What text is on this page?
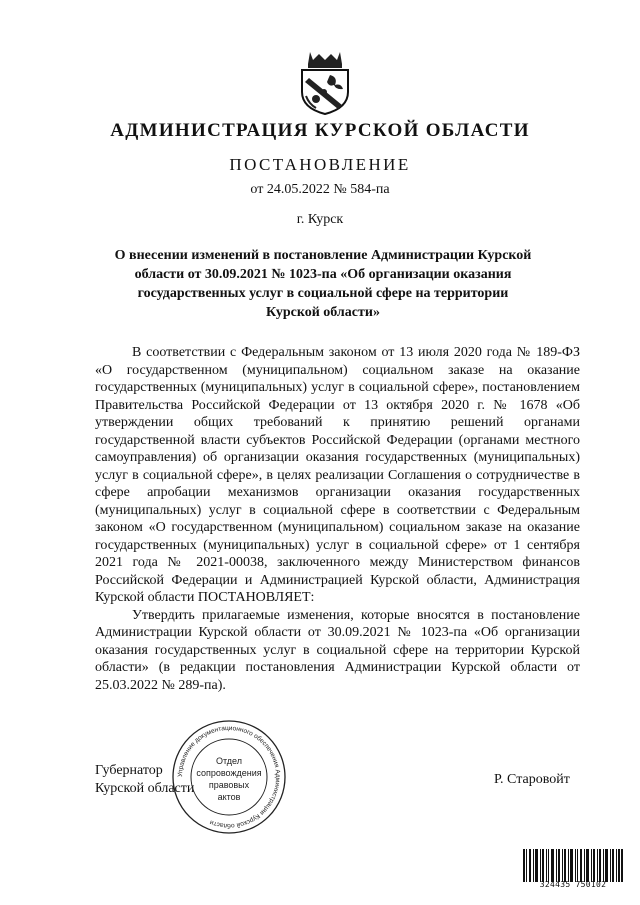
АДМИНИСТРАЦИЯ КУРСКОЙ ОБЛАСТИ
ПОСТАНОВЛЕНИЕ
от 24.05.2022 № 584-па
г. Курск

О внесении изменений в постановление Администрации Курской области от 30.09.2021 № 1023-па «Об организации оказания государственных услуг в социальной сфере на территории Курской области»

В соответствии с Федеральным законом от 13 июля 2020 года № 189-ФЗ «О государственном (муниципальном) социальном заказе на оказание государственных (муниципальных) услуг в социальной сфере», постановлением Правительства Российской Федерации от 13 октября 2020 г. № 1678 «Об утверждении общих требований к принятию решений органами государственной власти субъектов Российской Федерации (органами местного самоуправления) об организации оказания государственных (муниципальных) услуг в социальной сфере», в целях реализации Соглашения о сотрудничестве в сфере апробации механизмов организации оказания государственных (муниципальных) услуг в социальной сфере в соответствии с Федеральным законом «О государственном (муниципальном) социальном заказе на оказание государственных (муниципальных) услуг в социальной сфере» от 1 сентября 2021 года № 2021-00038, заключенного между Министерством финансов Российской Федерации и Администрацией Курской области, Администрация Курской области ПОСТАНОВЛЯЕТ:

Утвердить прилагаемые изменения, которые вносятся в постановление Администрации Курской области от 30.09.2021 № 1023-па «Об организации оказания государственных услуг в социальной сфере на территории Курской области» (в редакции постановления Администрации Курской области от 25.03.2022 № 289-па).

Губернатор
Курской области
Р. Старовойт
Управление документационного обеспечения Администрации Курской области
Отдел
сопровождения
правовых
актов
324435 750102
